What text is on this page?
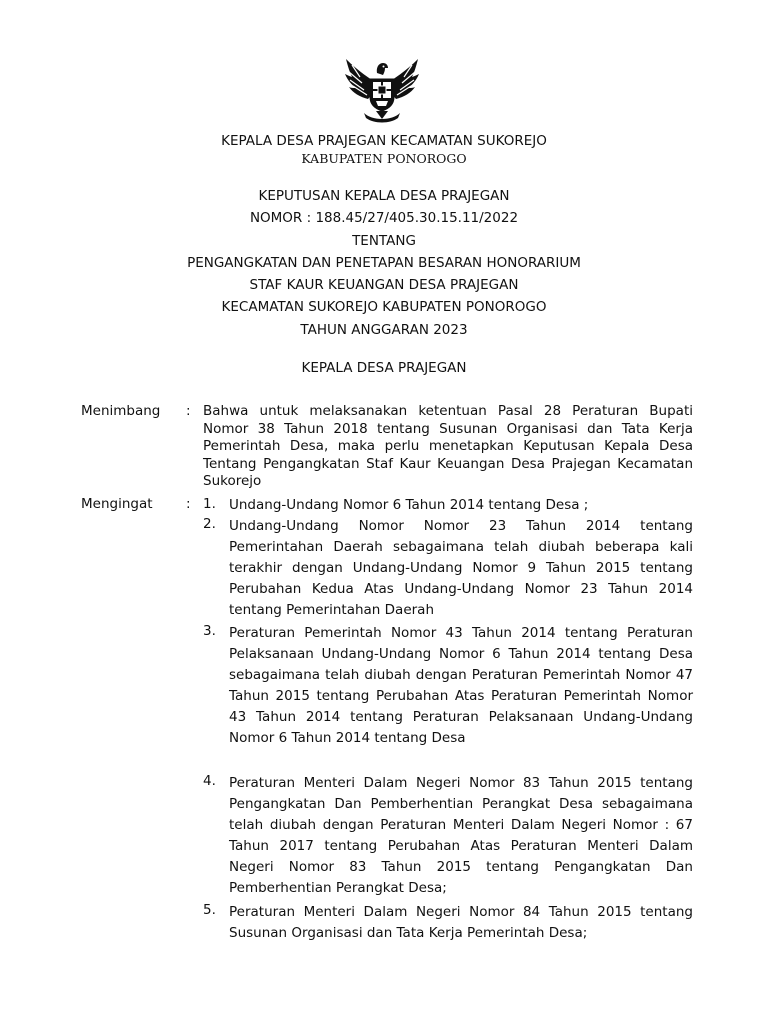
KEPALA DESA PRAJEGAN KECAMATAN SUKOREJO
KABUPATEN PONOROGO
KEPUTUSAN KEPALA DESA PRAJEGAN
NOMOR : 188.45/27/405.30.15.11/2022
TENTANG
PENGANGKATAN DAN PENETAPAN BESARAN HONORARIUM
STAF KAUR KEUANGAN DESA PRAJEGAN
KECAMATAN SUKOREJO KABUPATEN PONOROGO
TAHUN ANGGARAN 2023
KEPALA DESA PRAJEGAN
Menimbang : Bahwa untuk melaksanakan ketentuan Pasal 28 Peraturan Bupati Nomor 38 Tahun 2018 tentang Susunan Organisasi dan Tata Kerja Pemerintah Desa, maka perlu menetapkan Keputusan Kepala Desa Tentang Pengangkatan Staf Kaur Keuangan Desa Prajegan Kecamatan Sukorejo
Mengingat : 1. Undang-Undang Nomor 6 Tahun 2014 tentang Desa ;
2. Undang-Undang Nomor Nomor 23 Tahun 2014 tentang Pemerintahan Daerah sebagaimana telah diubah beberapa kali terakhir dengan Undang-Undang Nomor 9 Tahun 2015 tentang Perubahan Kedua Atas Undang-Undang Nomor 23 Tahun 2014 tentang Pemerintahan Daerah
3. Peraturan Pemerintah Nomor 43 Tahun 2014 tentang Peraturan Pelaksanaan Undang-Undang Nomor 6 Tahun 2014 tentang Desa sebagaimana telah diubah dengan Peraturan Pemerintah Nomor 47 Tahun 2015 tentang Perubahan Atas Peraturan Pemerintah Nomor 43 Tahun 2014 tentang Peraturan Pelaksanaan Undang-Undang Nomor 6 Tahun 2014 tentang Desa
4. Peraturan Menteri Dalam Negeri Nomor 83 Tahun 2015 tentang Pengangkatan Dan Pemberhentian Perangkat Desa sebagaimana telah diubah dengan Peraturan Menteri Dalam Negeri Nomor : 67 Tahun 2017 tentang Perubahan Atas Peraturan Menteri Dalam Negeri Nomor 83 Tahun 2015 tentang Pengangkatan Dan Pemberhentian Perangkat Desa;
5. Peraturan Menteri Dalam Negeri Nomor 84 Tahun 2015 tentang Susunan Organisasi dan Tata Kerja Pemerintah Desa;
